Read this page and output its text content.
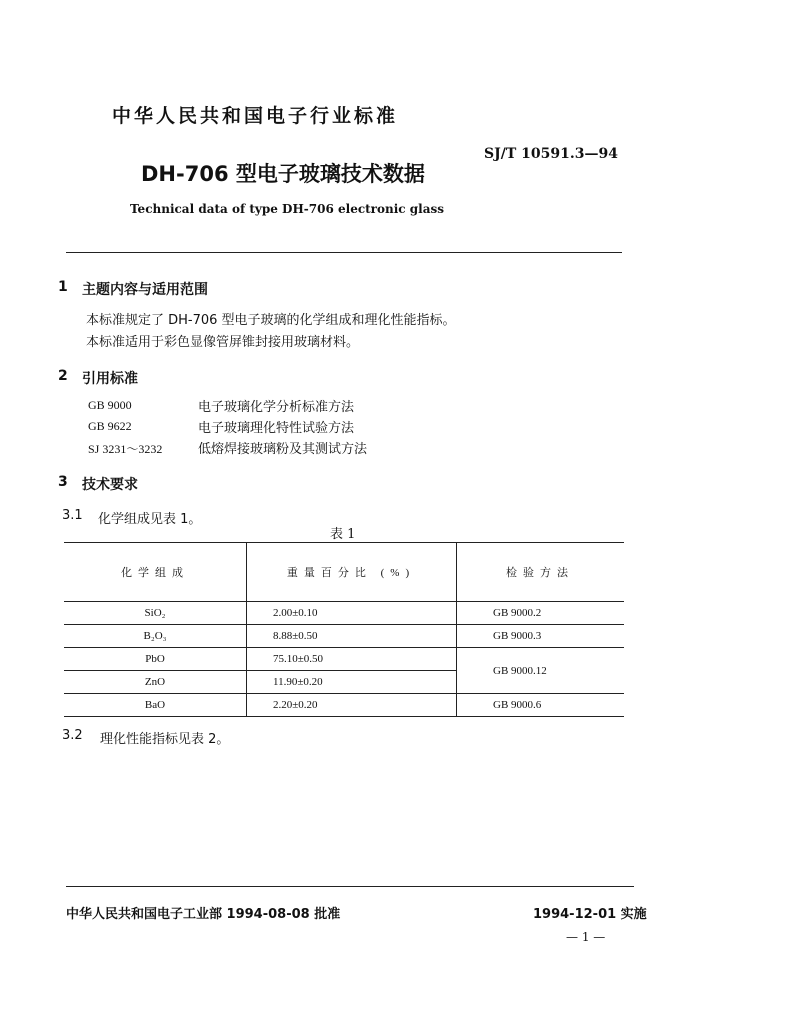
中华人民共和国电子行业标准
SJ/T 10591.3—94
DH-706 型电子玻璃技术数据
Technical data of type DH-706 electronic glass
1 主题内容与适用范围
本标准规定了 DH-706 型电子玻璃的化学组成和理化性能指标。
本标准适用于彩色显像管屏锥封接用玻璃材料。
2 引用标准
GB 9000	电子玻璃化学分析标准方法
GB 9622	电子玻璃理化特性试验方法
SJ 3231～3232	低熔焊接玻璃粉及其测试方法
3 技术要求
3.1 化学组成见表 1。
表 1
化学组成	重量百分比 (%)	检验方法
SiO₂	2.00±0.10	GB 9000.2
B₂O₃	8.88±0.50	GB 9000.3
PbO	75.10±0.50	GB 9000.12
ZnO	11.90±0.20	
BaO	2.20±0.20	GB 9000.6
3.2 理化性能指标见表 2。
中华人民共和国电子工业部 1994-08-08 批准	1994-12-01 实施
— 1 —
